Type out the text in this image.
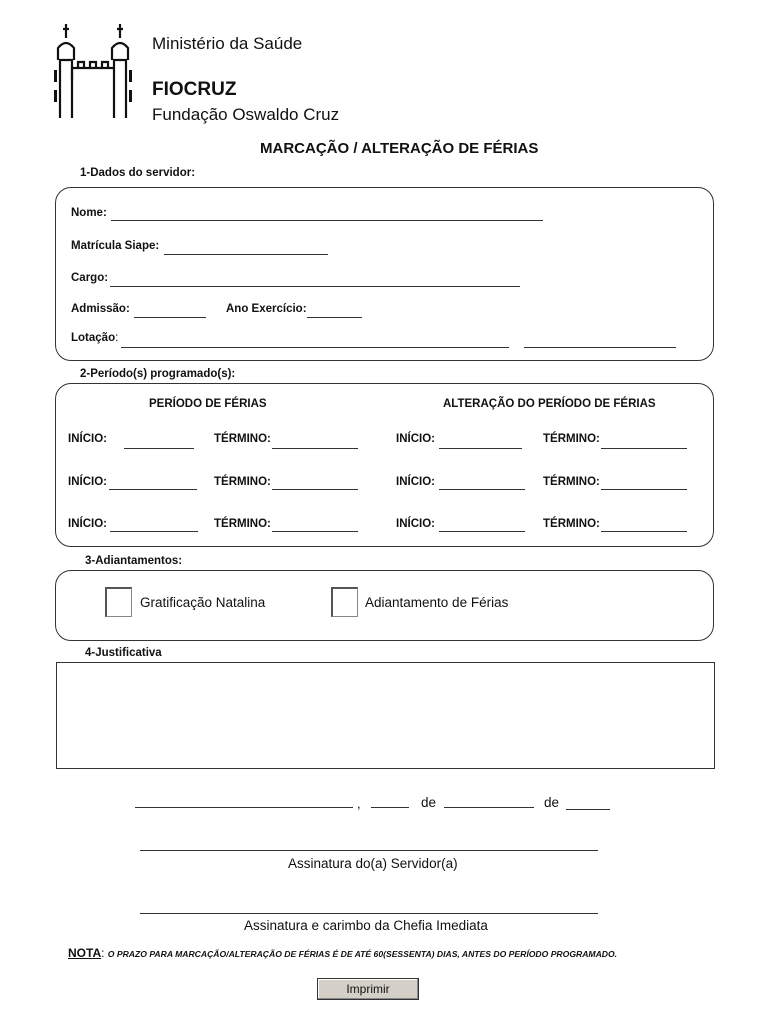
Ministério da Saúde
FIOCRUZ
Fundação Oswaldo Cruz
MARCAÇÃO / ALTERAÇÃO DE FÉRIAS
1-Dados do servidor:
Nome:
Matrícula Siape:
Cargo:
Admissão:	Ano Exercício:
Lotação:
2-Período(s) programado(s):
PERÍODO DE FÉRIAS	ALTERAÇÃO DO PERÍODO DE FÉRIAS
INÍCIO:	TÉRMINO:	INÍCIO:	TÉRMINO:
INÍCIO:	TÉRMINO:	INÍCIO:	TÉRMINO:
INÍCIO:	TÉRMINO:	INÍCIO:	TÉRMINO:
3-Adiantamentos:
Gratificação Natalina	Adiantamento de Férias
4-Justificativa
,	de	de
Assinatura do(a) Servidor(a)
Assinatura e carimbo da Chefia Imediata
NOTA: O PRAZO PARA MARCAÇÃO/ALTERAÇÃO DE FÉRIAS É DE ATÉ 60(SESSENTA) DIAS, ANTES DO PERÍODO PROGRAMADO.
Imprimir
